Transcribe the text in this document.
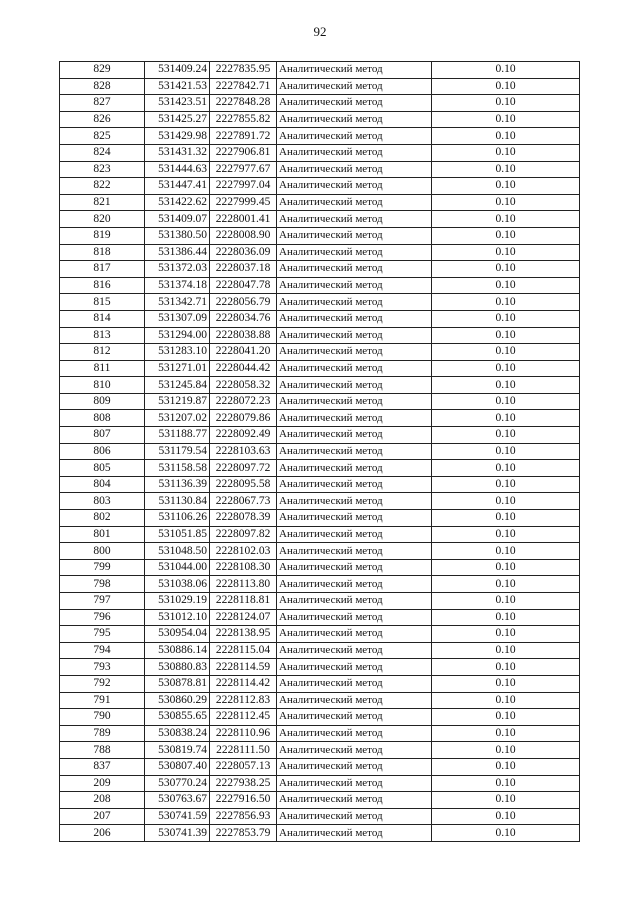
92
829	531409.24	2227835.95	Аналитический метод	0.10
828	531421.53	2227842.71	Аналитический метод	0.10
827	531423.51	2227848.28	Аналитический метод	0.10
826	531425.27	2227855.82	Аналитический метод	0.10
825	531429.98	2227891.72	Аналитический метод	0.10
824	531431.32	2227906.81	Аналитический метод	0.10
823	531444.63	2227977.67	Аналитический метод	0.10
822	531447.41	2227997.04	Аналитический метод	0.10
821	531422.62	2227999.45	Аналитический метод	0.10
820	531409.07	2228001.41	Аналитический метод	0.10
819	531380.50	2228008.90	Аналитический метод	0.10
818	531386.44	2228036.09	Аналитический метод	0.10
817	531372.03	2228037.18	Аналитический метод	0.10
816	531374.18	2228047.78	Аналитический метод	0.10
815	531342.71	2228056.79	Аналитический метод	0.10
814	531307.09	2228034.76	Аналитический метод	0.10
813	531294.00	2228038.88	Аналитический метод	0.10
812	531283.10	2228041.20	Аналитический метод	0.10
811	531271.01	2228044.42	Аналитический метод	0.10
810	531245.84	2228058.32	Аналитический метод	0.10
809	531219.87	2228072.23	Аналитический метод	0.10
808	531207.02	2228079.86	Аналитический метод	0.10
807	531188.77	2228092.49	Аналитический метод	0.10
806	531179.54	2228103.63	Аналитический метод	0.10
805	531158.58	2228097.72	Аналитический метод	0.10
804	531136.39	2228095.58	Аналитический метод	0.10
803	531130.84	2228067.73	Аналитический метод	0.10
802	531106.26	2228078.39	Аналитический метод	0.10
801	531051.85	2228097.82	Аналитический метод	0.10
800	531048.50	2228102.03	Аналитический метод	0.10
799	531044.00	2228108.30	Аналитический метод	0.10
798	531038.06	2228113.80	Аналитический метод	0.10
797	531029.19	2228118.81	Аналитический метод	0.10
796	531012.10	2228124.07	Аналитический метод	0.10
795	530954.04	2228138.95	Аналитический метод	0.10
794	530886.14	2228115.04	Аналитический метод	0.10
793	530880.83	2228114.59	Аналитический метод	0.10
792	530878.81	2228114.42	Аналитический метод	0.10
791	530860.29	2228112.83	Аналитический метод	0.10
790	530855.65	2228112.45	Аналитический метод	0.10
789	530838.24	2228110.96	Аналитический метод	0.10
788	530819.74	2228111.50	Аналитический метод	0.10
837	530807.40	2228057.13	Аналитический метод	0.10
209	530770.24	2227938.25	Аналитический метод	0.10
208	530763.67	2227916.50	Аналитический метод	0.10
207	530741.59	2227856.93	Аналитический метод	0.10
206	530741.39	2227853.79	Аналитический метод	0.10
